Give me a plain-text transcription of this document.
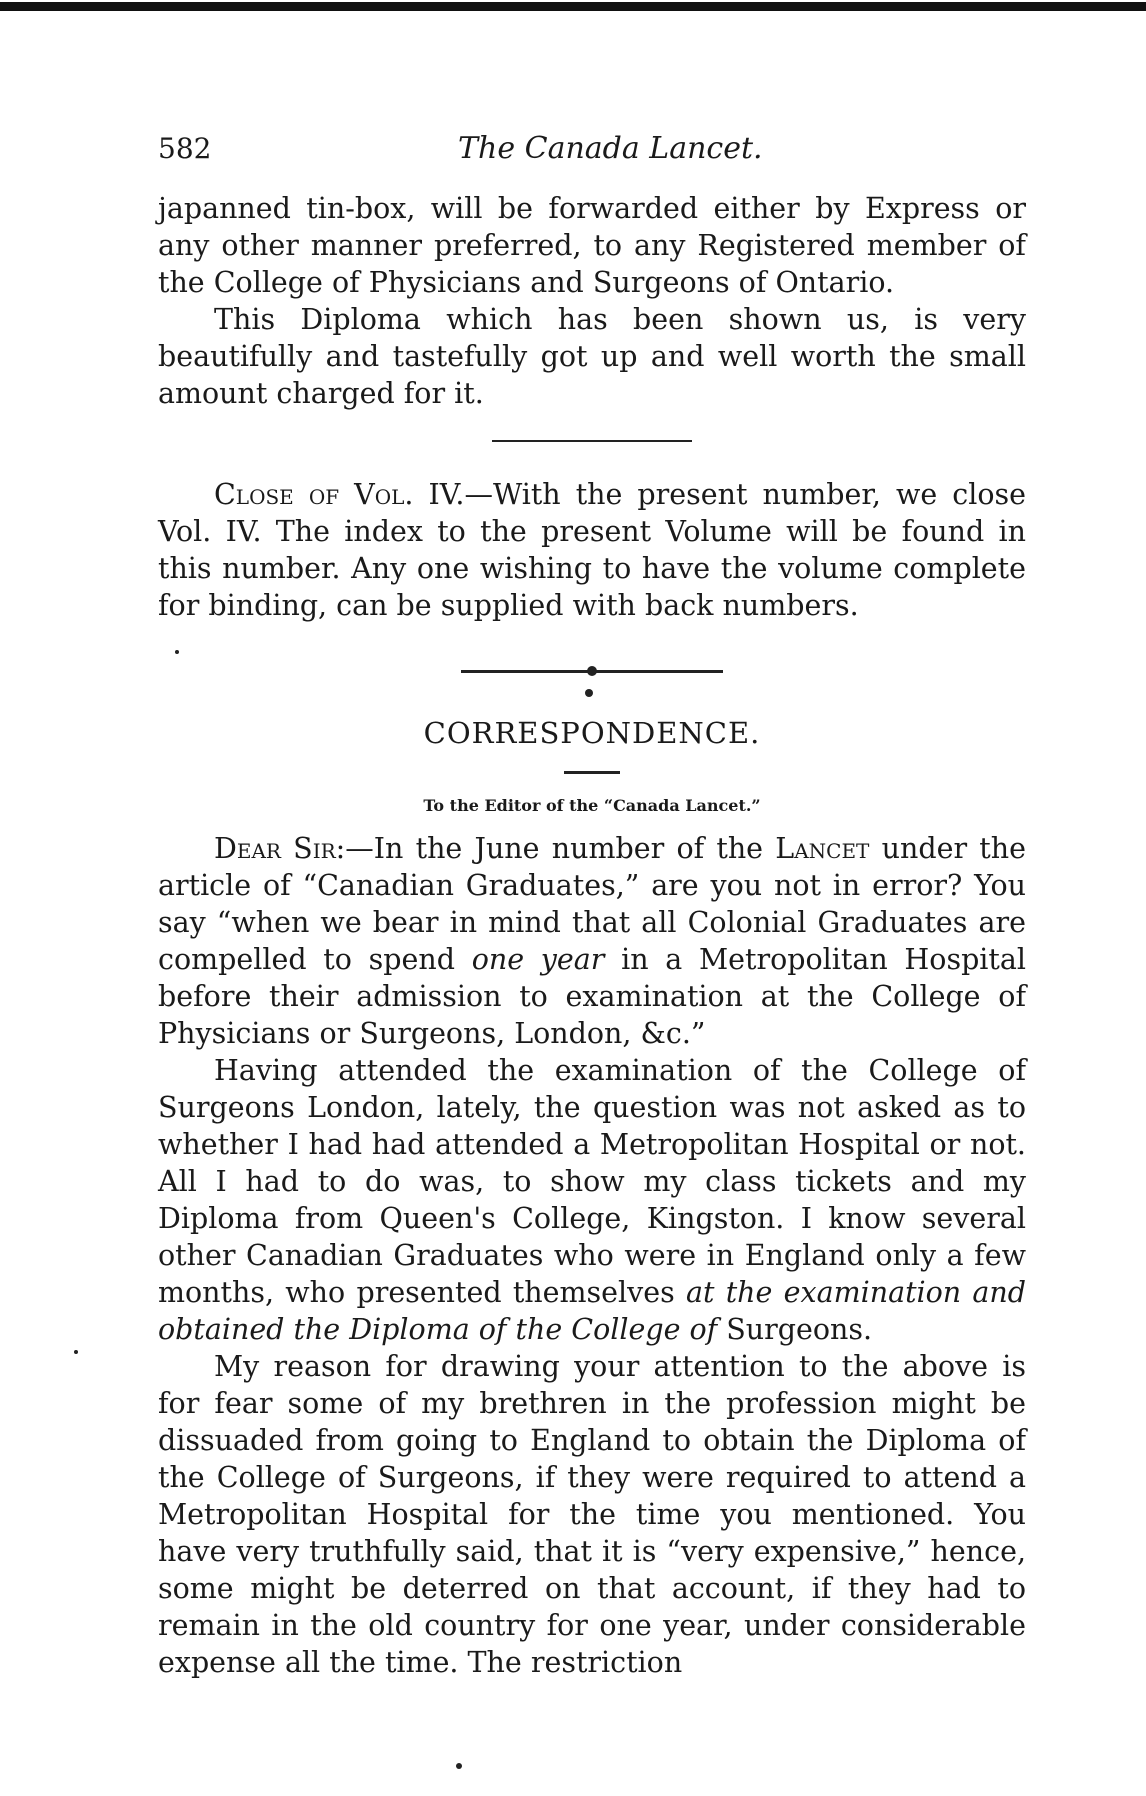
582	The Canada Lancet.

japanned tin-box, will be forwarded either by Express or any other manner preferred, to any Registered member of the College of Physicians and Surgeons of Ontario.

This Diploma which has been shown us, is very beautifully and tastefully got up and well worth the small amount charged for it.

Close of Vol. IV.—With the present number, we close Vol. IV. The index to the present Volume will be found in this number. Any one wishing to have the volume complete for binding, can be supplied with back numbers.

CORRESPONDENCE.
To the Editor of the “Canada Lancet.”

Dear Sir:—In the June number of the Lancet under the article of “Canadian Graduates,” are you not in error? You say “when we bear in mind that all Colonial Graduates are compelled to spend one year in a Metropolitan Hospital before their admission to examination at the College of Physicians or Surgeons, London, &c.”

Having attended the examination of the College of Surgeons London, lately, the question was not asked as to whether I had had attended a Metropolitan Hospital or not. All I had to do was, to show my class tickets and my Diploma from Queen's College, Kingston. I know several other Canadian Graduates who were in England only a few months, who presented themselves at the examination and obtained the Diploma of the College of Surgeons.

My reason for drawing your attention to the above is for fear some of my brethren in the profession might be dissuaded from going to England to obtain the Diploma of the College of Surgeons, if they were required to attend a Metropolitan Hospital for the time you mentioned. You have very truthfully said, that it is “very expensive,” hence, some might be deterred on that account, if they had to remain in the old country for one year, under considerable expense all the time. The restriction
